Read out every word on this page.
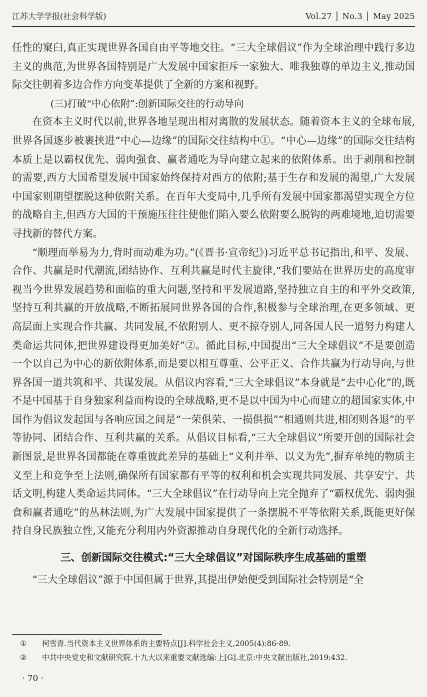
江苏大学学报(社会科学版)	Vol.27 │ No.3 │ May 2025

任性的窠臼,真正实现世界各国自由平等地交往。“三大全球倡议”作为全球治理中践行多边主义的典范,为世界各国特别是广大发展中国家拒斥一家独大、唯我独尊的单边主义,推动国际交往朝着多边合作方向变革提供了全新的方案和视野。

(三)打破“中心依附”:创新国际交往的行动导向

在资本主义时代以前,世界各地呈现出相对离散的发展状态。随着资本主义的全球布展,世界各国逐步被裹挟进“中心—边缘”的国际交往结构中①。“中心—边缘”的国际交往结构本质上是以霸权优先、弱肉强食、赢者通吃为导向建立起来的依附体系。出于剥削和控制的需要,西方大国希望发展中国家始终保持对西方的依附;基于生存和发展的渴望,广大发展中国家则期望摆脱这种依附关系。在百年大变局中,几乎所有发展中国家都渴望实现全方位的战略自主,但西方大国的干预施压往往使他们陷入要么依附要么脱钩的两难境地,迫切需要寻找新的替代方案。

“顺理而举易为力,背时而动难为功。”(《晋书·宣帝纪》)习近平总书记指出,和平、发展、合作、共赢是时代潮流,团结协作、互利共赢是时代主旋律,“我们要站在世界历史的高度审视当今世界发展趋势和面临的重大问题,坚持和平发展道路,坚持独立自主的和平外交政策,坚持互利共赢的开放战略,不断拓展同世界各国的合作,积极参与全球治理,在更多领域、更高层面上实现合作共赢、共同发展,不依附别人、更不掠夺别人,同各国人民一道努力构建人类命运共同体,把世界建设得更加美好”②。循此目标,中国提出“三大全球倡议”不是要创造一个以自己为中心的新依附体系,而是要以相互尊重、公平正义、合作共赢为行动导向,与世界各国一道共筑和平、共谋发展。从倡议内容看,“三大全球倡议”本身就是“去中心化”的,既不是中国基于自身独家利益而构设的全球战略,更不是以中国为中心而建立的超国家实体,中国作为倡议发起国与各响应国之间是“一荣俱荣、一损俱损”“相通则共进,相闭则各退”的平等协同、团结合作、互利共赢的关系。从倡议目标看,“三大全球倡议”所要开创的国际社会新图景,是世界各国都能在尊重彼此差异的基础上“义利并举、以义为先”,摒弃单纯的物质主义至上和竞争至上法则,确保所有国家都有平等的权利和机会实现共同发展、共享安宁、共话文明,构建人类命运共同体。“三大全球倡议”在行动导向上完全抛弃了“霸权优先、弱肉强食和赢者通吃”的丛林法则,为广大发展中国家提供了一条摆脱不平等依附关系,既能更好保持自身民族独立性,又能充分利用内外资源推动自身现代化的全新行动选择。

三、创新国际交往模式:“三大全球倡议”对国际秩序生成基础的重塑

“三大全球倡议”源于中国但属于世界,其提出伊始便受到国际社会特别是“全

①	柯雪青.当代资本主义世界体系的主要特点[J].科学社会主义,2005(4):86-89.
②	中共中央党史和文献研究院.十九大以来重要文献选编:上[G].北京:中央文献出版社,2019:432.
· 70 ·
